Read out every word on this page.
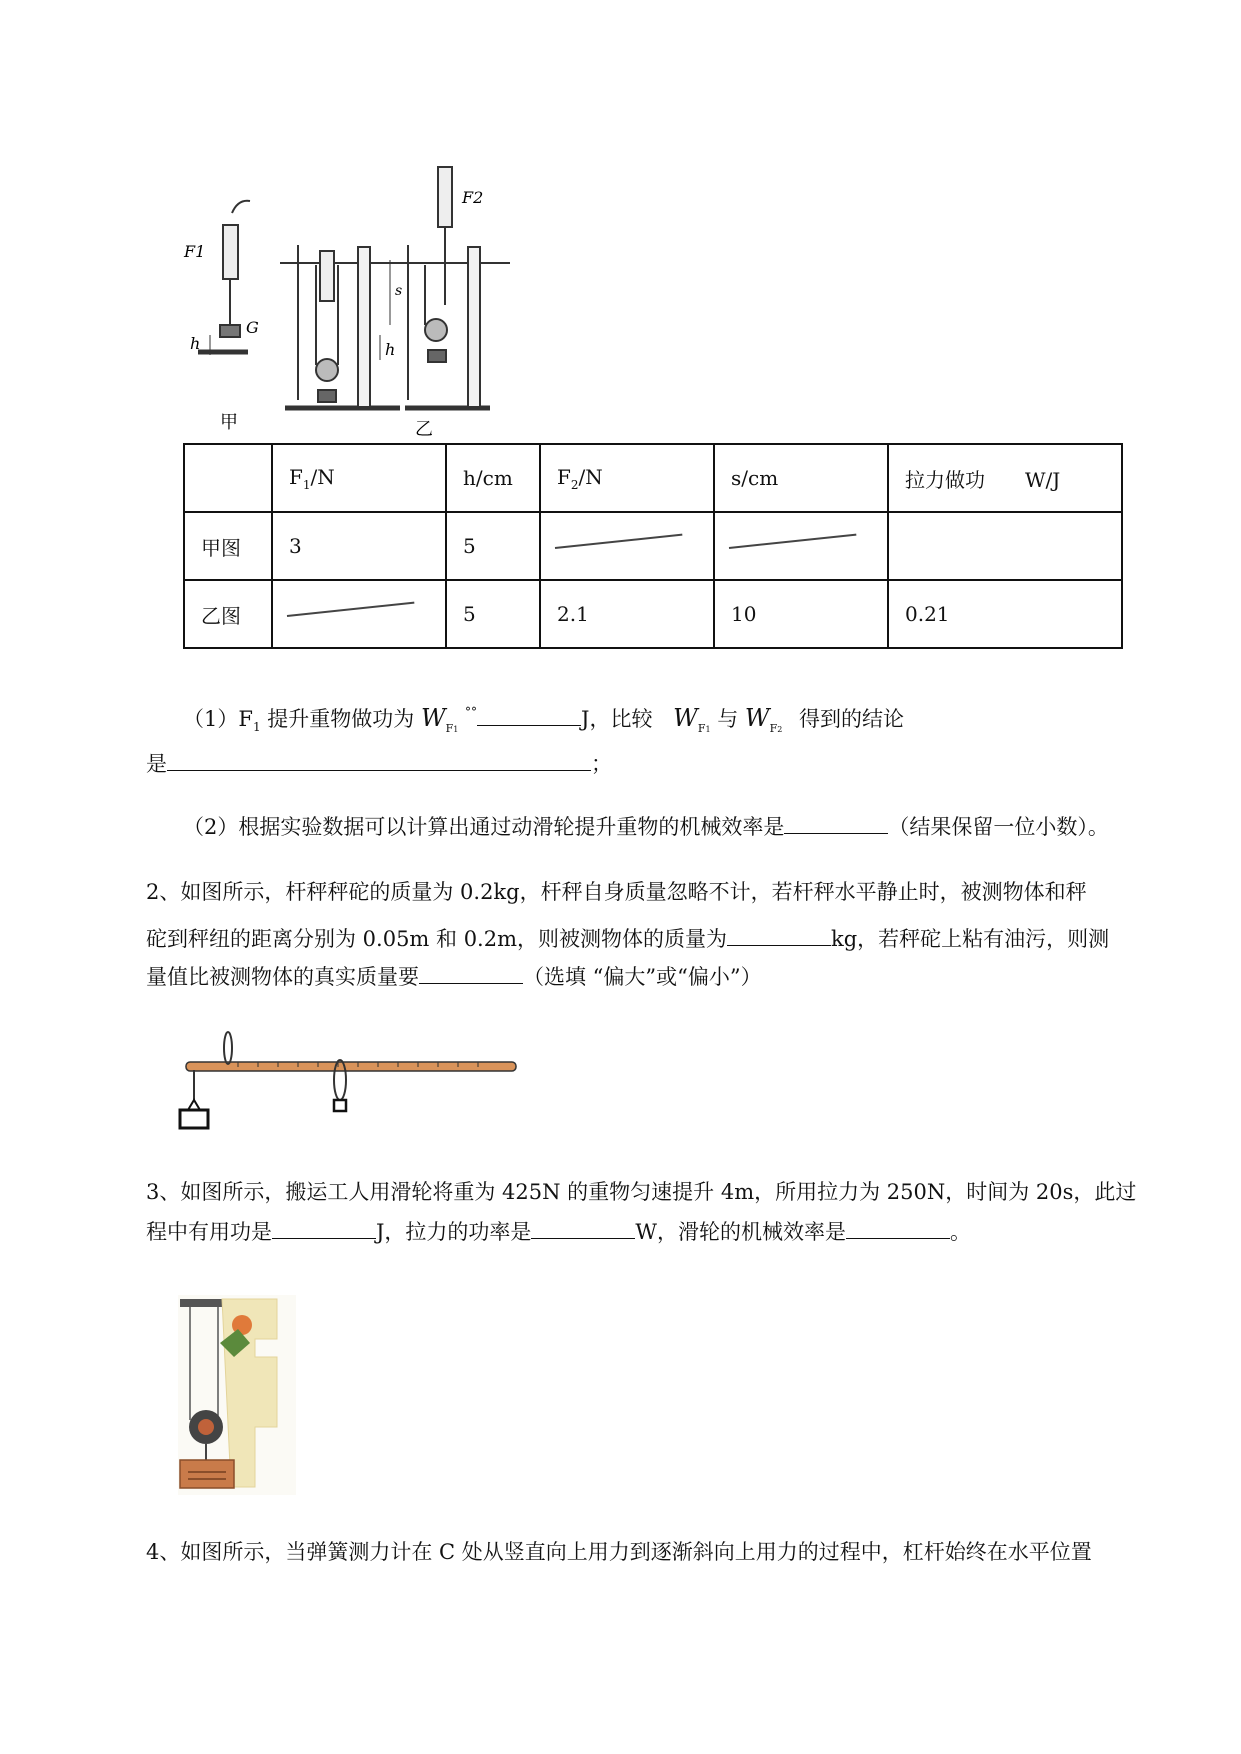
F1
F2
G
h
s
h
甲	乙
	$F_1/N$	h/cm	$F_2/N$	s/cm	拉力做功　　W/J
甲图	3	5	

乙图		5	2.1	10	0.21
$(1)F_1$ 提升重物做功为 $W_{F1}$ °°	J，比较 $W_{F1}$ 与 $W_{F2}$ 得到的结论
是	；
（2）根据实验数据可以计算出通过动滑轮提升重物的机械效率是	（结果保留一位小数）。
2、如图所示，杆秤秤砣的质量为 0.2kg，杆秤自身质量忽略不计，若杆秤水平静止时，被测物体和秤
砣到秤纽的距离分别为 0.05m 和 0.2m，则被测物体的质量为	kg，若秤砣上粘有油污，则测
量值比被测物体的真实质量要	（选填 “偏大”或“偏小”）
3、如图所示，搬运工人用滑轮将重为 425N 的重物匀速提升 4m，所用拉力为 250N，时间为 20s，此过
程中有用功是	J，拉力的功率是	W，滑轮的机械效率是	。
4、如图所示，当弹簧测力计在 C 处从竖直向上用力到逐渐斜向上用力的过程中，杠杆始终在水平位置
